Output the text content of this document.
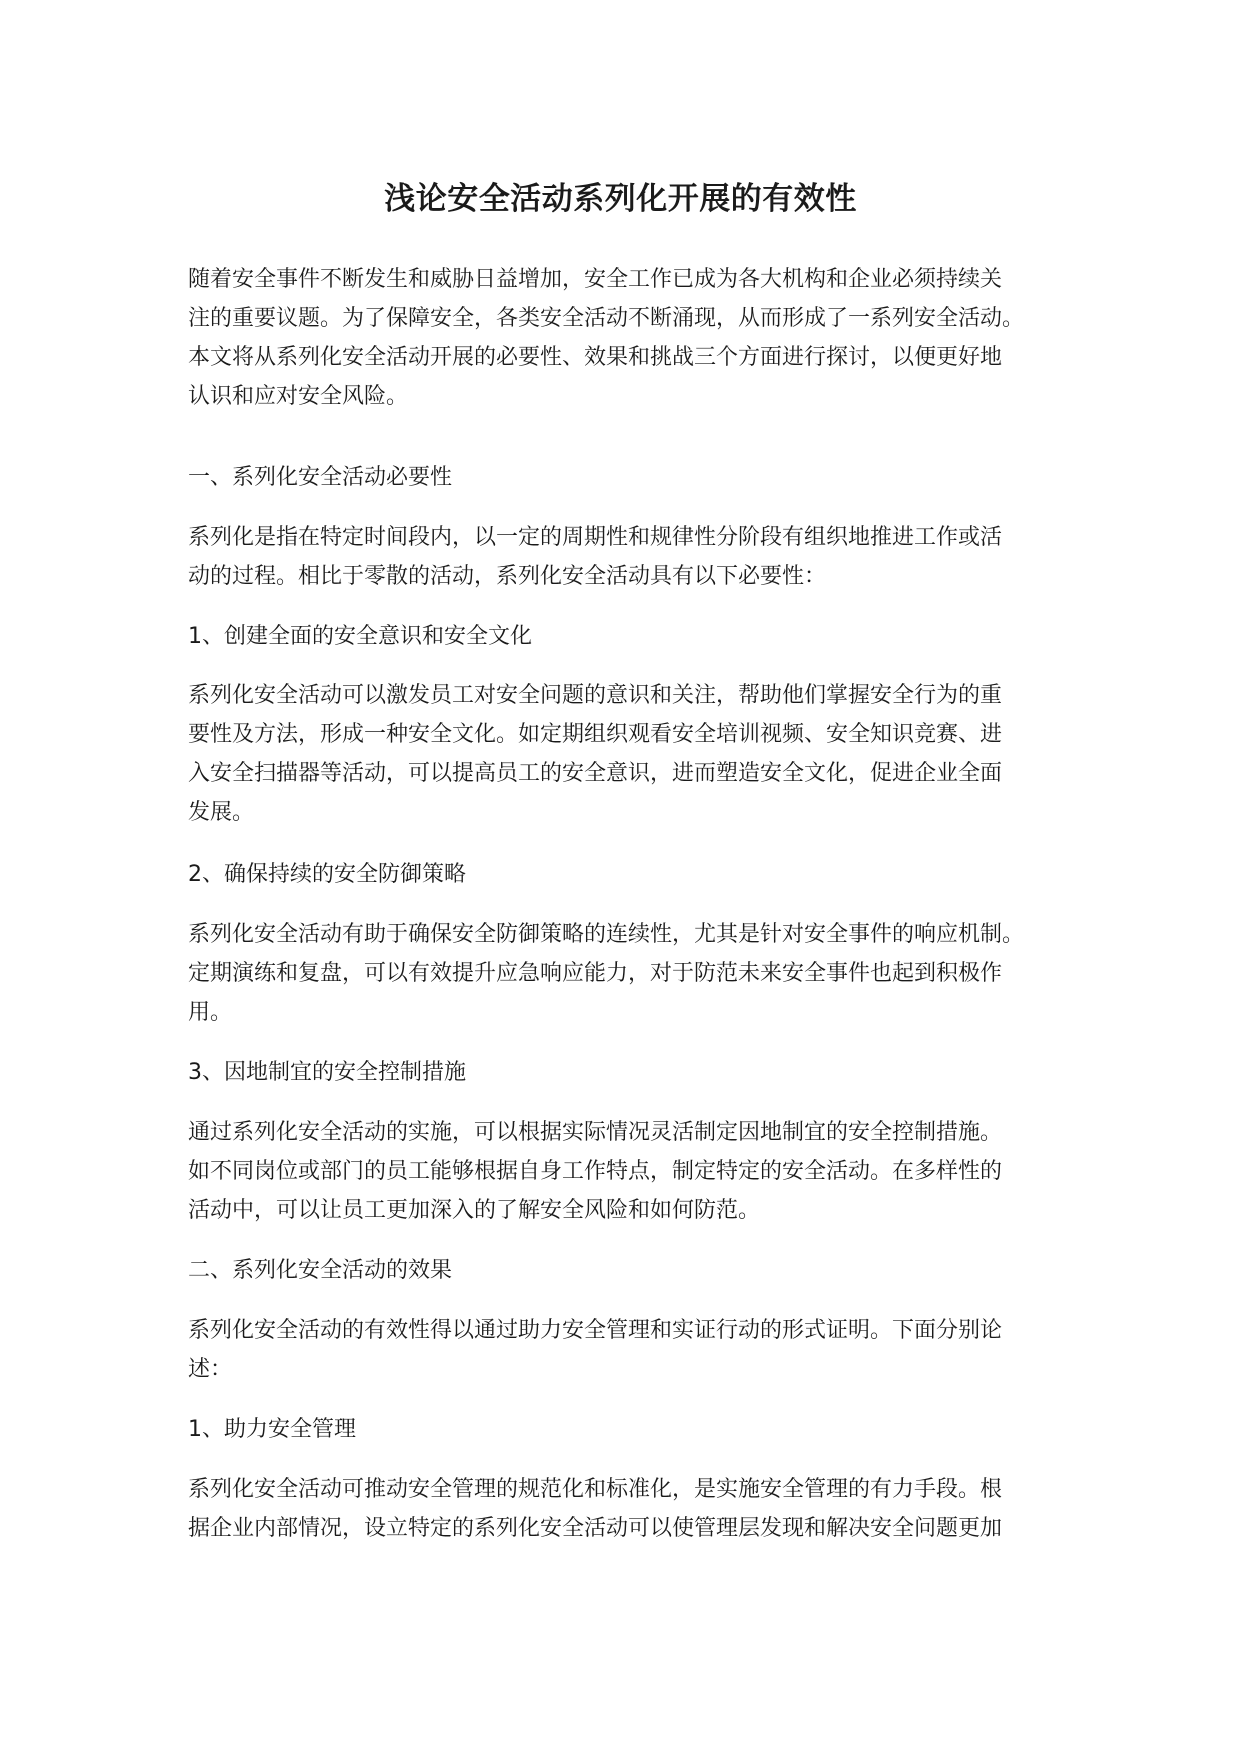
浅论安全活动系列化开展的有效性
随着安全事件不断发生和威胁日益增加，安全工作已成为各大机构和企业必须持续关
注的重要议题。为了保障安全，各类安全活动不断涌现，从而形成了一系列安全活动。
本文将从系列化安全活动开展的必要性、效果和挑战三个方面进行探讨，以便更好地
认识和应对安全风险。
一、系列化安全活动必要性
系列化是指在特定时间段内，以一定的周期性和规律性分阶段有组织地推进工作或活
动的过程。相比于零散的活动，系列化安全活动具有以下必要性：
1、创建全面的安全意识和安全文化
系列化安全活动可以激发员工对安全问题的意识和关注，帮助他们掌握安全行为的重
要性及方法，形成一种安全文化。如定期组织观看安全培训视频、安全知识竞赛、进
入安全扫描器等活动，可以提高员工的安全意识，进而塑造安全文化，促进企业全面
发展。
2、确保持续的安全防御策略
系列化安全活动有助于确保安全防御策略的连续性，尤其是针对安全事件的响应机制。
定期演练和复盘，可以有效提升应急响应能力，对于防范未来安全事件也起到积极作
用。
3、因地制宜的安全控制措施
通过系列化安全活动的实施，可以根据实际情况灵活制定因地制宜的安全控制措施。
如不同岗位或部门的员工能够根据自身工作特点，制定特定的安全活动。在多样性的
活动中，可以让员工更加深入的了解安全风险和如何防范。
二、系列化安全活动的效果
系列化安全活动的有效性得以通过助力安全管理和实证行动的形式证明。下面分别论
述：
1、助力安全管理
系列化安全活动可推动安全管理的规范化和标准化，是实施安全管理的有力手段。根
据企业内部情况，设立特定的系列化安全活动可以使管理层发现和解决安全问题更加
